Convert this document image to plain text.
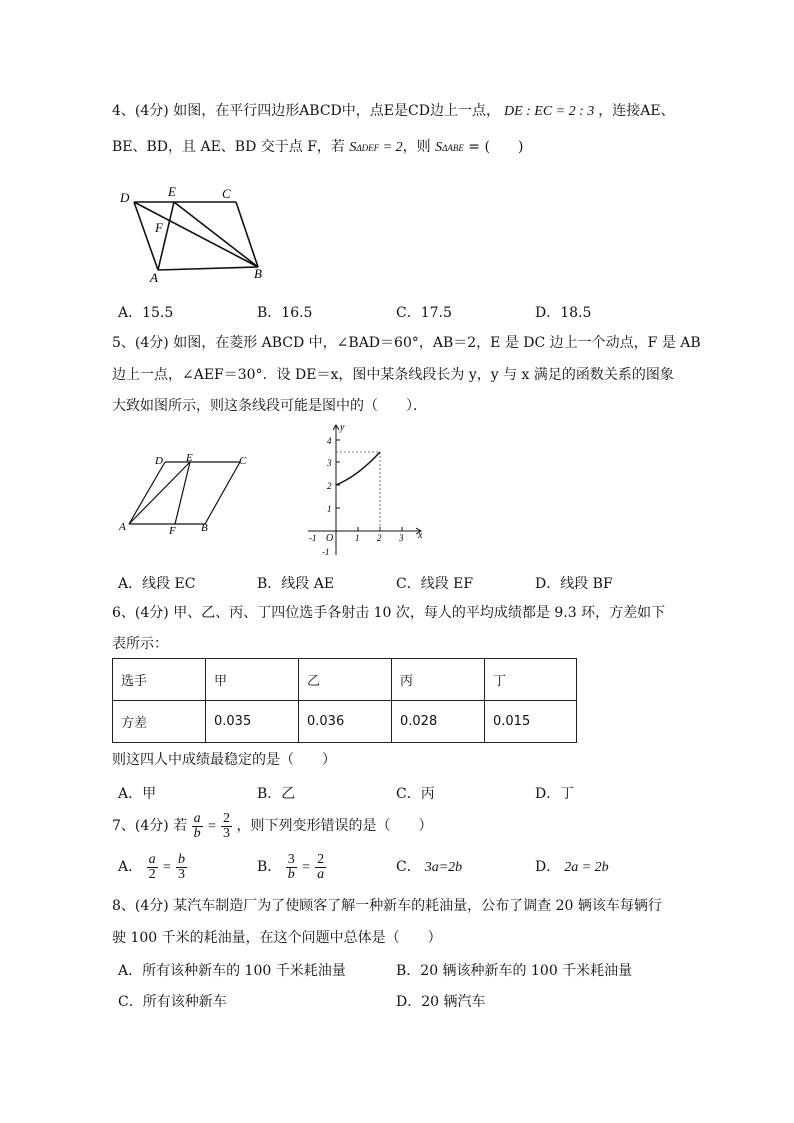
4、(4分) 如图，在平行四边形ABCD中，点E是CD边上一点， DE : EC = 2 : 3 ，连接AE、
BE、BD，且 AE、BD 交于点 F，若 SΔDEF = 2，则 SΔABE = (　　)
D	E	C
F
A	B
A．15.5	B．16.5	C．17.5	D．18.5
5、(4分) 如图，在菱形 ABCD 中，∠BAD＝60°，AB＝2，E 是 DC 边上一个动点，F 是 AB
边上一点，∠AEF＝30°．设 DE＝x，图中某条线段长为 y，y 与 x 满足的函数关系的图象
大致如图所示，则这条线段可能是图中的（　　）．
D E	C
A	F B
y
x
O
4
3
2
1
-1
-1	1 2 3
A．线段 EC	B．线段 AE	C．线段 EF	D．线段 BF
6、(4分) 甲、乙、丙、丁四位选手各射击 10 次，每人的平均成绩都是 9.3 环，方差如下
表所示：
选手	甲	乙	丙	丁
方差	0.035	0.036	0.028	0.015
则这四人中成绩最稳定的是（　　）
A．甲	B．乙	C．丙	D．丁
7、(4分) 若 $\frac{a}{b} = \frac{2}{3}$ ，则下列变形错误的是（　　）
A． $\frac{a}{2} = \frac{b}{3}$	B． $\frac{3}{b} = \frac{2}{a}$	C． 3a=2b	D． 2a = 2b
8、(4分) 某汽车制造厂为了使顾客了解一种新车的耗油量，公布了调查 20 辆该车每辆行
驶 100 千米的耗油量，在这个问题中总体是（　　）
A．所有该种新车的 100 千米耗油量	B．20 辆该种新车的 100 千米耗油量
C．所有该种新车	D．20 辆汽车
